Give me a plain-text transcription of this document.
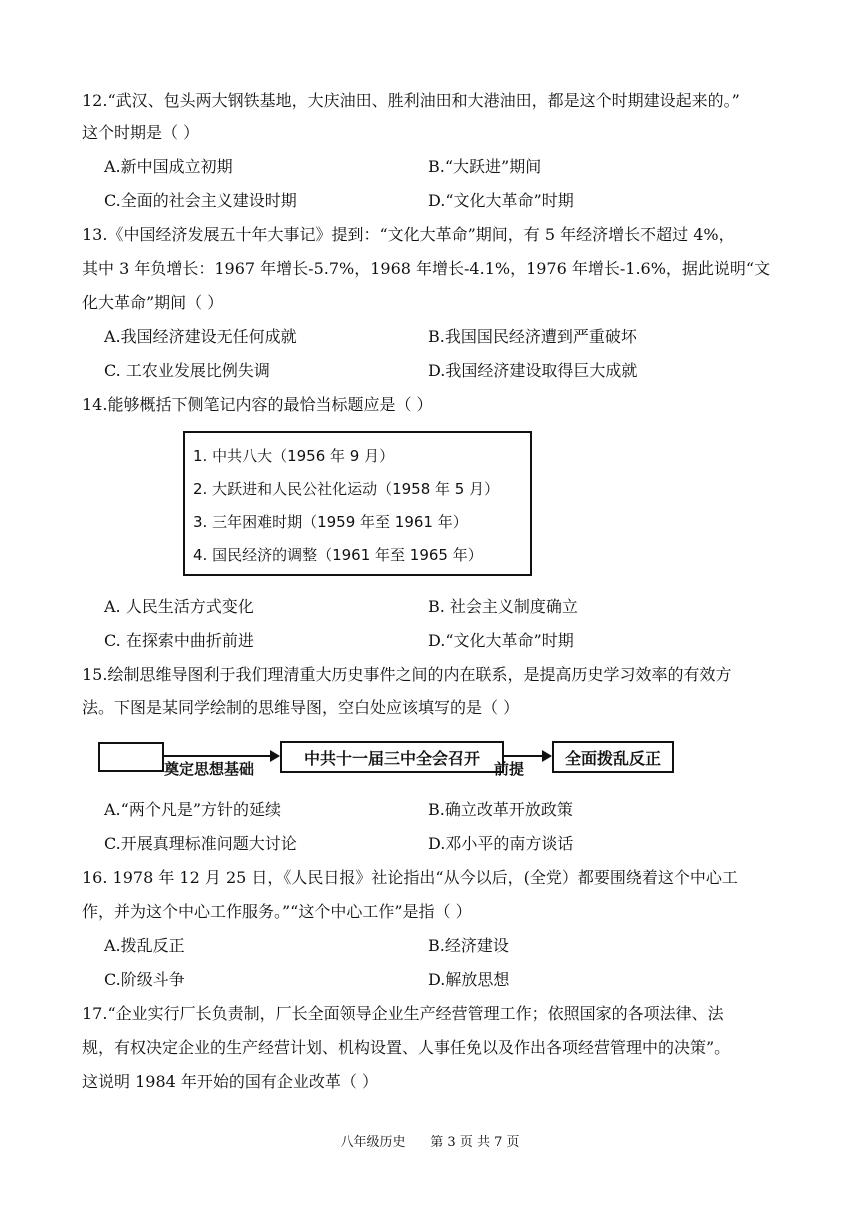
12.“武汉、包头两大钢铁基地，大庆油田、胜利油田和大港油田，都是这个时期建设起来的。”
这个时期是（ ）
A.新中国成立初期	B.“大跃进”期间
C.全面的社会主义建设时期	D.“文化大革命”时期
13.《中国经济发展五十年大事记》提到：“文化大革命”期间，有 5 年经济增长不超过 4%，
其中 3 年负增长：1967 年增长-5.7%，1968 年增长-4.1%，1976 年增长-1.6%，据此说明“文
化大革命”期间（ ）
A.我国经济建设无任何成就	B.我国国民经济遭到严重破坏
C. 工农业发展比例失调	D.我国经济建设取得巨大成就
14.能够概括下侧笔记内容的最恰当标题应是（ ）
1. 中共八大（1956 年 9 月）
2. 大跃进和人民公社化运动（1958 年 5 月）
3. 三年困难时期（1959 年至 1961 年）
4. 国民经济的调整（1961 年至 1965 年）
A. 人民生活方式变化	B. 社会主义制度确立
C. 在探索中曲折前进	D.“文化大革命”时期
15.绘制思维导图利于我们理清重大历史事件之间的内在联系，是提高历史学习效率的有效方
法。下图是某同学绘制的思维导图，空白处应该填写的是（ ）
中共十一届三中全会召开	全面拨乱反正
奠定思想基础	前提
A.“两个凡是”方针的延续	B.确立改革开放政策
C.开展真理标准问题大讨论	D.邓小平的南方谈话
16. 1978 年 12 月 25 日，《人民日报》社论指出“从今以后，(全党）都要围绕着这个中心工
作，并为这个中心工作服务。”“这个中心工作”是指（ ）
A.拨乱反正	B.经济建设
C.阶级斗争	D.解放思想
17.“企业实行厂长负责制，厂长全面领导企业生产经营管理工作；依照国家的各项法律、法
规，有权决定企业的生产经营计划、机构设置、人事任免以及作出各项经营管理中的决策”。
这说明 1984 年开始的国有企业改革（ ）
八年级历史      第 3 页 共 7 页
